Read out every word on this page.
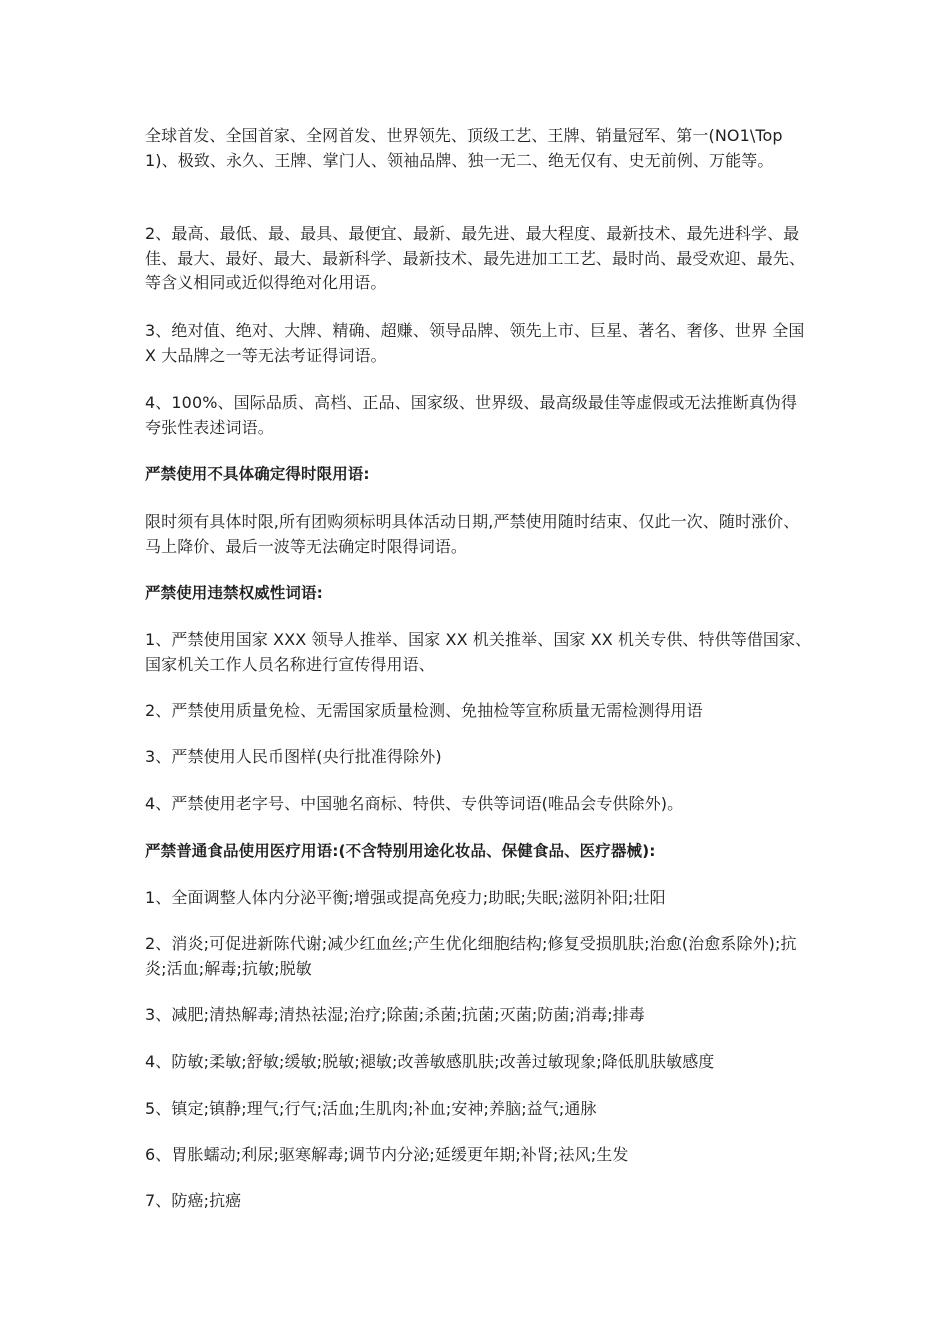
全球首发、全国首家、全网首发、世界领先、顶级工艺、王牌、销量冠军、第一(NO1\Top1)、极致、永久、王牌、掌门人、领袖品牌、独一无二、绝无仅有、史无前例、万能等。

2、最高、最低、最、最具、最便宜、最新、最先进、最大程度、最新技术、最先进科学、最佳、最大、最好、最大、最新科学、最新技术、最先进加工工艺、最时尚、最受欢迎、最先、等含义相同或近似得绝对化用语。

3、绝对值、绝对、大牌、精确、超赚、领导品牌、领先上市、巨星、著名、奢侈、世界 全国 X 大品牌之一等无法考证得词语。

4、100%、国际品质、高档、正品、国家级、世界级、最高级最佳等虚假或无法推断真伪得夸张性表述词语。

严禁使用不具体确定得时限用语:

限时须有具体时限,所有团购须标明具体活动日期,严禁使用随时结束、仅此一次、随时涨价、马上降价、最后一波等无法确定时限得词语。

严禁使用违禁权威性词语:

1、严禁使用国家 XXX 领导人推举、国家 XX 机关推举、国家 XX 机关专供、特供等借国家、国家机关工作人员名称进行宣传得用语、

2、严禁使用质量免检、无需国家质量检测、免抽检等宣称质量无需检测得用语

3、严禁使用人民币图样(央行批准得除外)

4、严禁使用老字号、中国驰名商标、特供、专供等词语(唯品会专供除外)。

严禁普通食品使用医疗用语:(不含特别用途化妆品、保健食品、医疗器械):

1、全面调整人体内分泌平衡;增强或提高免疫力;助眠;失眠;滋阴补阳;壮阳

2、消炎;可促进新陈代谢;减少红血丝;产生优化细胞结构;修复受损肌肤;治愈(治愈系除外);抗炎;活血;解毒;抗敏;脱敏

3、减肥;清热解毒;清热祛湿;治疗;除菌;杀菌;抗菌;灭菌;防菌;消毒;排毒

4、防敏;柔敏;舒敏;缓敏;脱敏;褪敏;改善敏感肌肤;改善过敏现象;降低肌肤敏感度

5、镇定;镇静;理气;行气;活血;生肌肉;补血;安神;养脑;益气;通脉

6、胃胀蠕动;利尿;驱寒解毒;调节内分泌;延缓更年期;补肾;祛风;生发

7、防癌;抗癌
